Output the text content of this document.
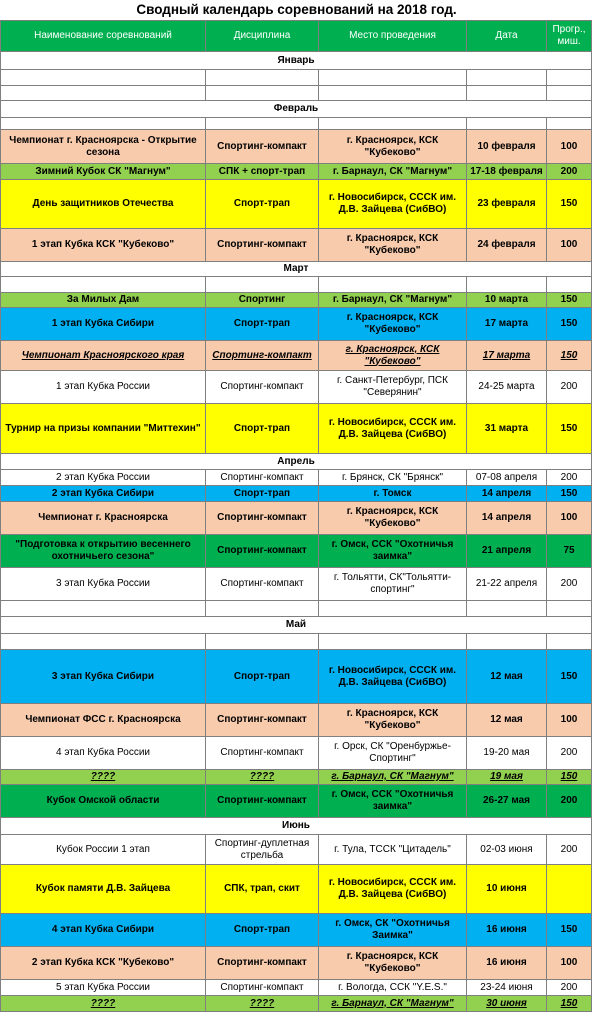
Сводный календарь соревнований на 2018 год.
Наименование соревнований	Дисциплина	Место проведения	Дата	Прогр., миш.
Январь				

Февраль				

Чемпионат г. Красноярска - Открытие сезона	Спортинг-компакт	г. Красноярск, КСК "Кубеково"	10 февраля	100
Зимний Кубок СК "Магнум"	СПК + спорт-трап	г. Барнаул, СК "Магнум"	17-18 февраля	200
День защитников Отечества	Спорт-трап	г. Новосибирск, СССК им. Д.В. Зайцева (СибВО)	23 февраля	150
1 этап Кубка КСК "Кубеково"	Спортинг-компакт	г. Красноярск, КСК "Кубеково"	24 февраля	100
Март				

За Милых Дам	Спортинг	г. Барнаул, СК "Магнум"	10 марта	150
1 этап Кубка Сибири	Спорт-трап	г. Красноярск, КСК "Кубеково"	17 марта	150
Чемпионат Красноярского края	Спортинг-компакт	г. Красноярск, КСК "Кубеково"	17 марта	150
1 этап Кубка России	Спортинг-компакт	г. Санкт-Петербург, ПСК "Северянин"	24-25 марта	200
Турнир на призы компании "Миттехин"	Спорт-трап	г. Новосибирск, СССК им. Д.В. Зайцева (СибВО)	31 марта	150
Апрель				
2 этап Кубка России	Спортинг-компакт	г. Брянск, СК "Брянск"	07-08 апреля	200
2 этап Кубка Сибири	Спорт-трап	г. Томск	14 апреля	150
Чемпионат г. Красноярска	Спортинг-компакт	г. Красноярск, КСК "Кубеково"	14 апреля	100
"Подготовка к открытию весеннего охотничьего сезона"	Спортинг-компакт	г. Омск, ССК "Охотничья заимка"	21 апреля	75
3 этап Кубка России	Спортинг-компакт	г. Тольятти, СК"Тольятти-спортинг"	21-22 апреля	200

Май				

3 этап Кубка Сибири	Спорт-трап	г. Новосибирск, СССК им. Д.В. Зайцева (СибВО)	12 мая	150
Чемпионат ФСС г. Красноярска	Спортинг-компакт	г. Красноярск, КСК "Кубеково"	12 мая	100
4 этап Кубка России	Спортинг-компакт	г. Орск, СК "Оренбуржье-Спортинг"	19-20 мая	200
????	????	г. Барнаул, СК "Магнум"	19 мая	150
Кубок Омской области	Спортинг-компакт	г. Омск, ССК "Охотничья заимка"	26-27 мая	200
Июнь				
Кубок России 1 этап	Спортинг-дуплетная стрельба	г. Тула, ТССК "Цитадель"	02-03 июня	200
Кубок памяти Д.В. Зайцева	СПК, трап, скит	г. Новосибирск, СССК им. Д.В. Зайцева (СибВО)	10 июня	
4 этап Кубка Сибири	Спорт-трап	г. Омск, СК "Охотничья Заимка"	16 июня	150
2 этап Кубка КСК "Кубеково"	Спортинг-компакт	г. Красноярск, КСК "Кубеково"	16 июня	100
5 этап Кубка России	Спортинг-компакт	г. Вологда, ССК "Y.E.S."	23-24 июня	200
????	????	г. Барнаул, СК "Магнум"	30 июня	150
